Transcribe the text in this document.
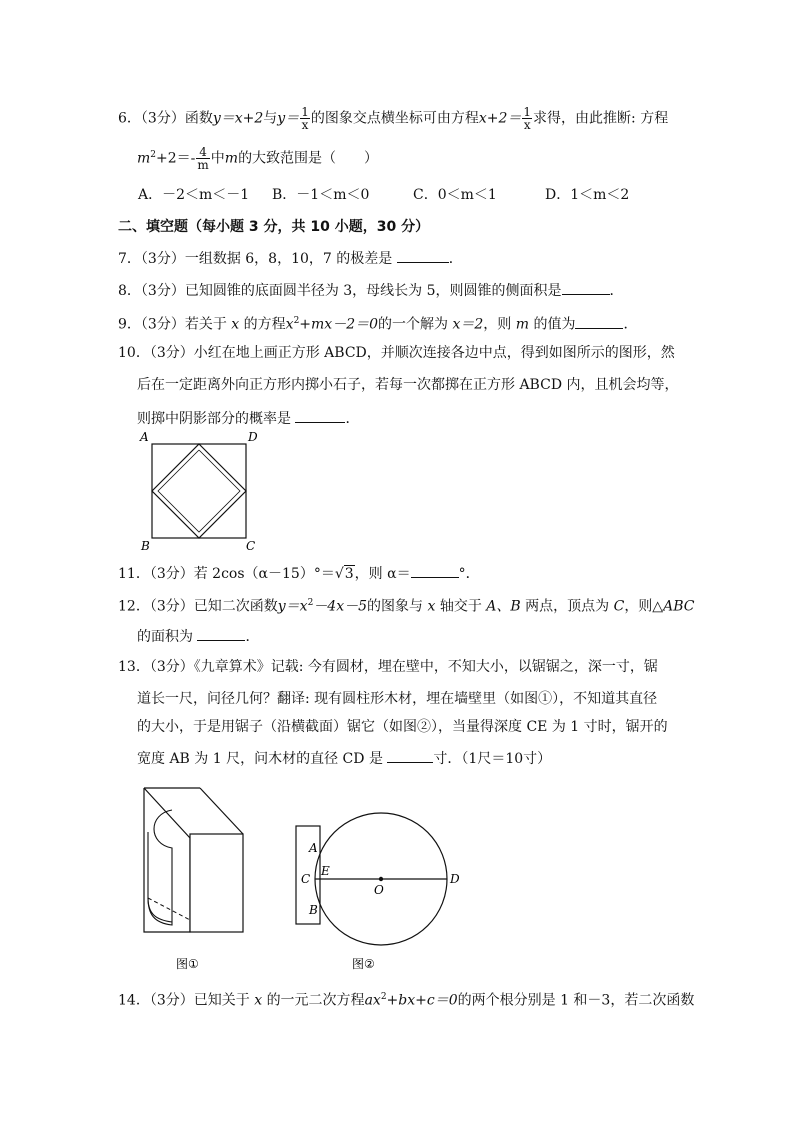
6．（3分）函数y＝x+2与$y= \frac{1}{x}$ 的图象交点横坐标可由方程$x+2= \frac{1}{x}$ 求得，由此推断: 方程
$m^2+2=- \frac{4}{m}$ 中m的大致范围是（　　）
A．－2＜m＜－1 B．－1＜m＜0	C．0＜m＜1	D．1＜m＜2
二、填空题（每小题 3 分，共 10 小题，30 分）
7．（3分）一组数据 6，8，10，7 的极差是	．
8．（3分）已知圆锥的底面圆半径为 3，母线长为 5，则圆锥的侧面积是	．
9．（3分）若关于 x 的方程$x^2+mx-2=0$的一个解为 x＝2，则 m 的值为	．
10．（3分）小红在地上画正方形 ABCD，并顺次连接各边中点，得到如图所示的图形，然
后在一定距离外向正方形内掷小石子，若每一次都掷在正方形 ABCD 内，且机会均等，
则掷中阴影部分的概率是	．
A	D
B	C
11．（3分）若 2cos（α－15）°＝√3，则 α＝	°．
12．（3分）已知二次函数$y=x^2-4x-5$的图象与 x 轴交于 A、B 两点，顶点为 C，则△ABC
的面积为	．
13．（3分）《九章算术》记载: 今有圆材，埋在壁中，不知大小，以锯锯之，深一寸，锯
道长一尺，问径几何？翻译: 现有圆柱形木材，埋在墙壁里（如图①），不知道其直径
的大小，于是用锯子（沿横截面）锯它（如图②），当量得深度 CE 为 1 寸时，锯开的
宽度 AB 为 1 尺，问木材的直径 CD 是	寸．（1尺＝10寸）
图①
A
E
C
O
D
B
图②
14．（3分）已知关于 x 的一元二次方程$ax^2+bx+c=0$的两个根分别是 1 和－3，若二次函数
